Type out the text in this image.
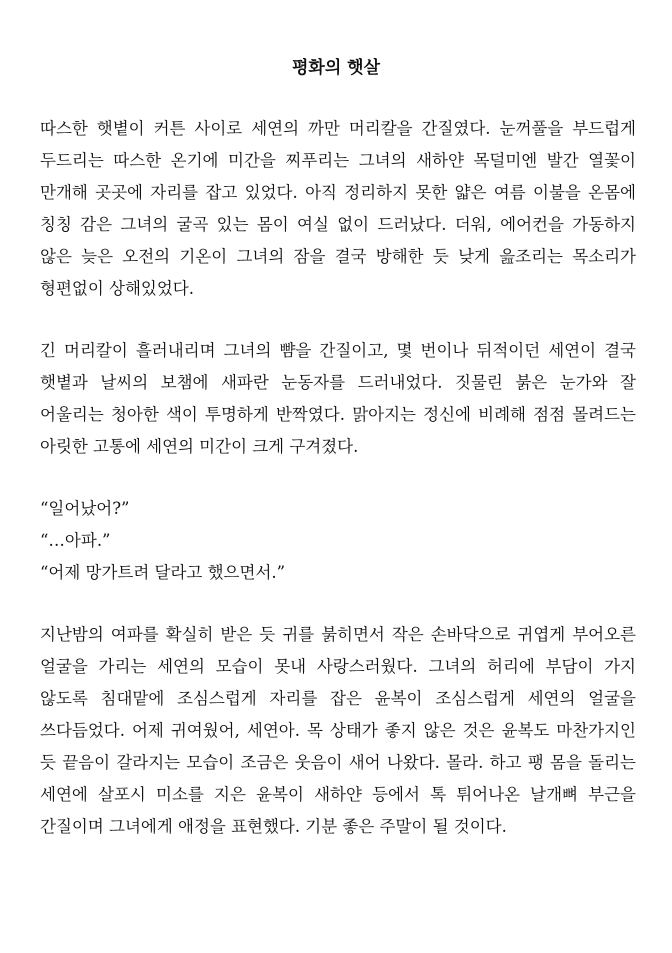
평화의 햇살

따스한 햇볕이 커튼 사이로 세연의 까만 머리칼을 간질였다. 눈꺼풀을 부드럽게 두드리는 따스한 온기에 미간을 찌푸리는 그녀의 새하얀 목덜미엔 발간 열꽃이 만개해 곳곳에 자리를 잡고 있었다. 아직 정리하지 못한 얇은 여름 이불을 온몸에 칭칭 감은 그녀의 굴곡 있는 몸이 여실 없이 드러났다. 더워, 에어컨을 가동하지 않은 늦은 오전의 기온이 그녀의 잠을 결국 방해한 듯 낮게 읊조리는 목소리가 형편없이 상해있었다.

긴 머리칼이 흘러내리며 그녀의 뺨을 간질이고, 몇 번이나 뒤적이던 세연이 결국 햇볕과 날씨의 보챔에 새파란 눈동자를 드러내었다. 짓물린 붉은 눈가와 잘 어울리는 청아한 색이 투명하게 반짝였다. 맑아지는 정신에 비례해 점점 몰려드는 아릿한 고통에 세연의 미간이 크게 구겨졌다.

“일어났어?”
“…아파.”
“어제 망가트려 달라고 했으면서.”

지난밤의 여파를 확실히 받은 듯 귀를 붉히면서 작은 손바닥으로 귀엽게 부어오른 얼굴을 가리는 세연의 모습이 못내 사랑스러웠다. 그녀의 허리에 부담이 가지 않도록 침대맡에 조심스럽게 자리를 잡은 윤복이 조심스럽게 세연의 얼굴을 쓰다듬었다. 어제 귀여웠어, 세연아. 목 상태가 좋지 않은 것은 윤복도 마찬가지인 듯 끝음이 갈라지는 모습이 조금은 웃음이 새어 나왔다. 몰라. 하고 팽 몸을 돌리는 세연에 살포시 미소를 지은 윤복이 새하얀 등에서 톡 튀어나온 날개뼈 부근을 간질이며 그녀에게 애정을 표현했다. 기분 좋은 주말이 될 것이다.
